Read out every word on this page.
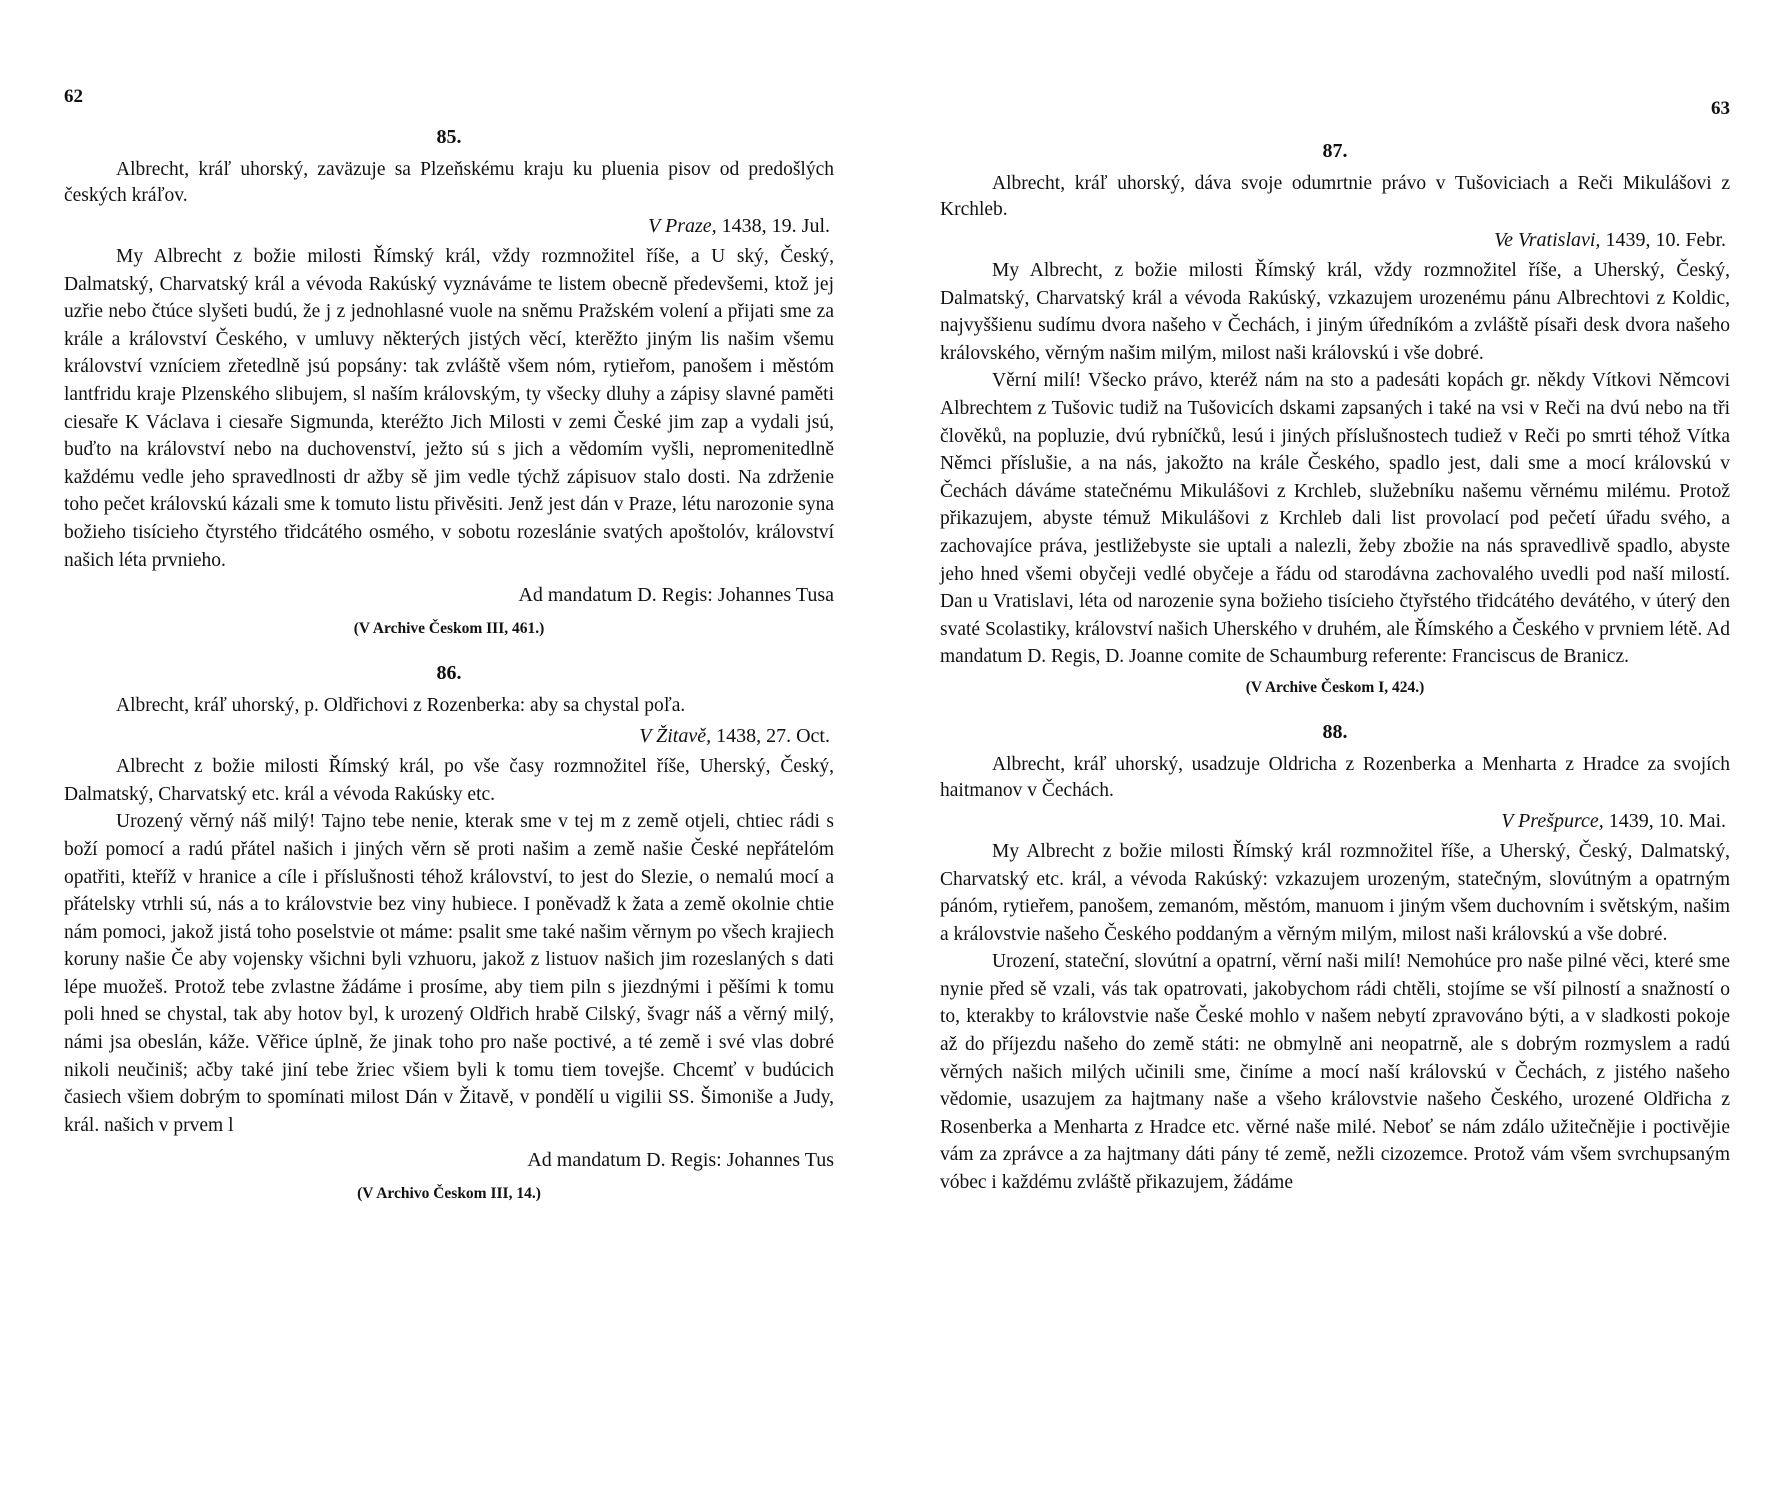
62
85.

Albrecht, kráľ uhorský, zaväzuje sa Plzeňskému kraju ku pluenia pisov od predošlých českých kráľov.

V Praze, 1438, 19. Jul.

My Albrecht z božie milosti Římský král, vždy rozmnožitel říše, a U ský, Český, Dalmatský, Charvatský král a vévoda Rakúský vyznáváme te listem obecně předevšemi, ktož jej uzřie nebo čtúce slyšeti budú, že j z jednohlasné vuole na sněmu Pražském volení a přijati sme za krále a království Českého, v umluvy některých jistých věcí, kterěžto jiným lis našim všemu království vzníciem zřetedlně jsú popsány: tak zvláště všem nóm, rytieřom, panošem i městóm lantfridu kraje Plzenského slibujem, sl naším královským, ty všecky dluhy a zápisy slavné paměti ciesaře K Václava i ciesaře Sigmunda, kteréžto Jich Milosti v zemi České jim zap a vydali jsú, buďto na království nebo na duchovenství, ježto sú s jich a vědomím vyšli, nepromenitedlně každému vedle jeho spravedlnosti dr ažby sě jim vedle týchž zápisuov stalo dosti. Na zdrženie toho pečet královskú kázali sme k tomuto listu přivěsiti. Jenž jest dán v Praze, létu narozonie syna božieho tisícieho čtyrstého třidcátého osmého, v sobotu rozeslánie svatých apoštolóv, království našich léta prvnieho.

Ad mandatum D. Regis: Johannes Tusa
(V Archive Českom III, 461.)
86.

Albrecht, kráľ uhorský, p. Oldřichovi z Rozenberka: aby sa chystal poľa.

V Žitavě, 1438, 27. Oct.

Albrecht z božie milosti Římský král, po vše časy rozmnožitel říše, Uherský, Český, Dalmatský, Charvatský etc. král a vévoda Rakúsky etc.

Urozený věrný náš milý! Tajno tebe nenie, kterak sme v tej m z země otjeli, chtiec rádi s boží pomocí a radú přátel našich i jiných věrn sě proti našim a země našie České nepřátelóm opatřiti, kteříž v hranice a cíle i příslušnosti téhož království, to jest do Slezie, o nemalú mocí a přátelsky vtrhli sú, nás a to královstvie bez viny hubiece. I poněvadž k žata a země okolnie chtie nám pomoci, jakož jistá toho poselstvie ot máme: psalit sme také našim věrnym po všech krajiech koruny našie Če aby vojensky všichni byli vzhuoru, jakož z listuov našich jim rozeslaných s dati lépe muožeš. Protož tebe zvlastne žádáme i prosíme, aby tiem piln s jiezdnými i pěšími k tomu poli hned se chystal, tak aby hotov byl, k urozený Oldřich hrabě Cilský, švagr náš a věrný milý, námi jsa obeslán, káže. Věřice úplně, že jinak toho pro naše poctivé, a té země i své vlas dobré nikoli neučiniš; ačby také jiní tebe žriec všiem byli k tomu tiem tovejše. Chcemť v budúcich časiech všiem dobrým to spomínati milost Dán v Žitavě, v pondělí u vigilii SS. Šimoniše a Judy, král. našich v prvem l

Ad mandatum D. Regis: Johannes Tus
(V Archivo Českom III, 14.)
63
87.

Albrecht, kráľ uhorský, dáva svoje odumrtnie právo v Tušoviciach a Reči Mikulášovi z Krchleb.

Ve Vratislavi, 1439, 10. Febr.

My Albrecht, z božie milosti Římský král, vždy rozmnožitel říše, a Uherský, Český, Dalmatský, Charvatský král a vévoda Rakúský, vzkazujem urozenému pánu Albrechtovi z Koldic, najvyššienu sudímu dvora našeho v Čechách, i jiným úředníkóm a zvláště písaři desk dvora našeho královského, věrným našim milým, milost naši královskú i vše dobré.

Věrní milí! Všecko právo, kteréž nám na sto a padesáti kopách gr. někdy Vítkovi Němcovi Albrechtem z Tušovic tudiž na Tušovicích dskami zapsaných i také na vsi v Reči na dvú nebo na tři člověků, na popluzie, dvú rybníčků, lesú i jiných příslušnostech tudiež v Reči po smrti téhož Vítka Němci příslušie, a na nás, jakožto na krále Českého, spadlo jest, dali sme a mocí královskú v Čechách dáváme statečnému Mikulášovi z Krchleb, služebníku našemu věrnému milému. Protož přikazujem, abyste témuž Mikulášovi z Krchleb dali list provolací pod pečetí úřadu svého, a zachovajíce práva, jestližebyste sie uptali a nalezli, žeby zbožie na nás spravedlivě spadlo, abyste jeho hned všemi obyčeji vedlé obyčeje a řádu od starodávna zachovalého uvedli pod naší milostí. Dan u Vratislavi, léta od narozenie syna božieho tisícieho čtyřstého třidcátého devátého, v úterý den svaté Scolastiky, království našich Uherského v druhém, ale Římského a Českého v prvniem létě. Ad mandatum D. Regis, D. Joanne comite de Schaumburg referente: Franciscus de Branicz.

(V Archive Českom I, 424.)
88.

Albrecht, kráľ uhorský, usadzuje Oldricha z Rozenberka a Menharta z Hradce za svojích haitmanov v Čechách.

V Prešpurce, 1439, 10. Mai.

My Albrecht z božie milosti Římský král rozmnožitel říše, a Uherský, Český, Dalmatský, Charvatský etc. král, a vévoda Rakúský: vzkazujem urozeným, statečným, slovútným a opatrným pánóm, rytieřem, panošem, zemanóm, městóm, manuom i jiným všem duchovním i světským, našim a královstvie našeho Českého poddaným a věrným milým, milost naši královskú a vše dobré.

Urození, stateční, slovútní a opatrní, věrní naši milí! Nemohúce pro naše pilné věci, které sme nynie před sě vzali, vás tak opatrovati, jakobychom rádi chtěli, stojíme se vší pilností a snažností o to, kterakby to královstvie naše České mohlo v našem nebytí zpravováno býti, a v sladkosti pokoje až do příjezdu našeho do země státi: ne obmylně ani neopatrně, ale s dobrým rozmyslem a radú věrných našich milých učinili sme, činíme a mocí naší královskú v Čechách, z jistého našeho vědomie, usazujem za hajtmany naše a všeho královstvie našeho Českého, urozené Oldřicha z Rosenberka a Menharta z Hradce etc. věrné naše milé. Neboť se nám zdálo užitečnějie i poctivějie vám za zprávce a za hajtmany dáti pány té země, nežli cizozemce. Protož vám všem svrchupsaným vóbec i každému zvláště přikazujem, žádáme
